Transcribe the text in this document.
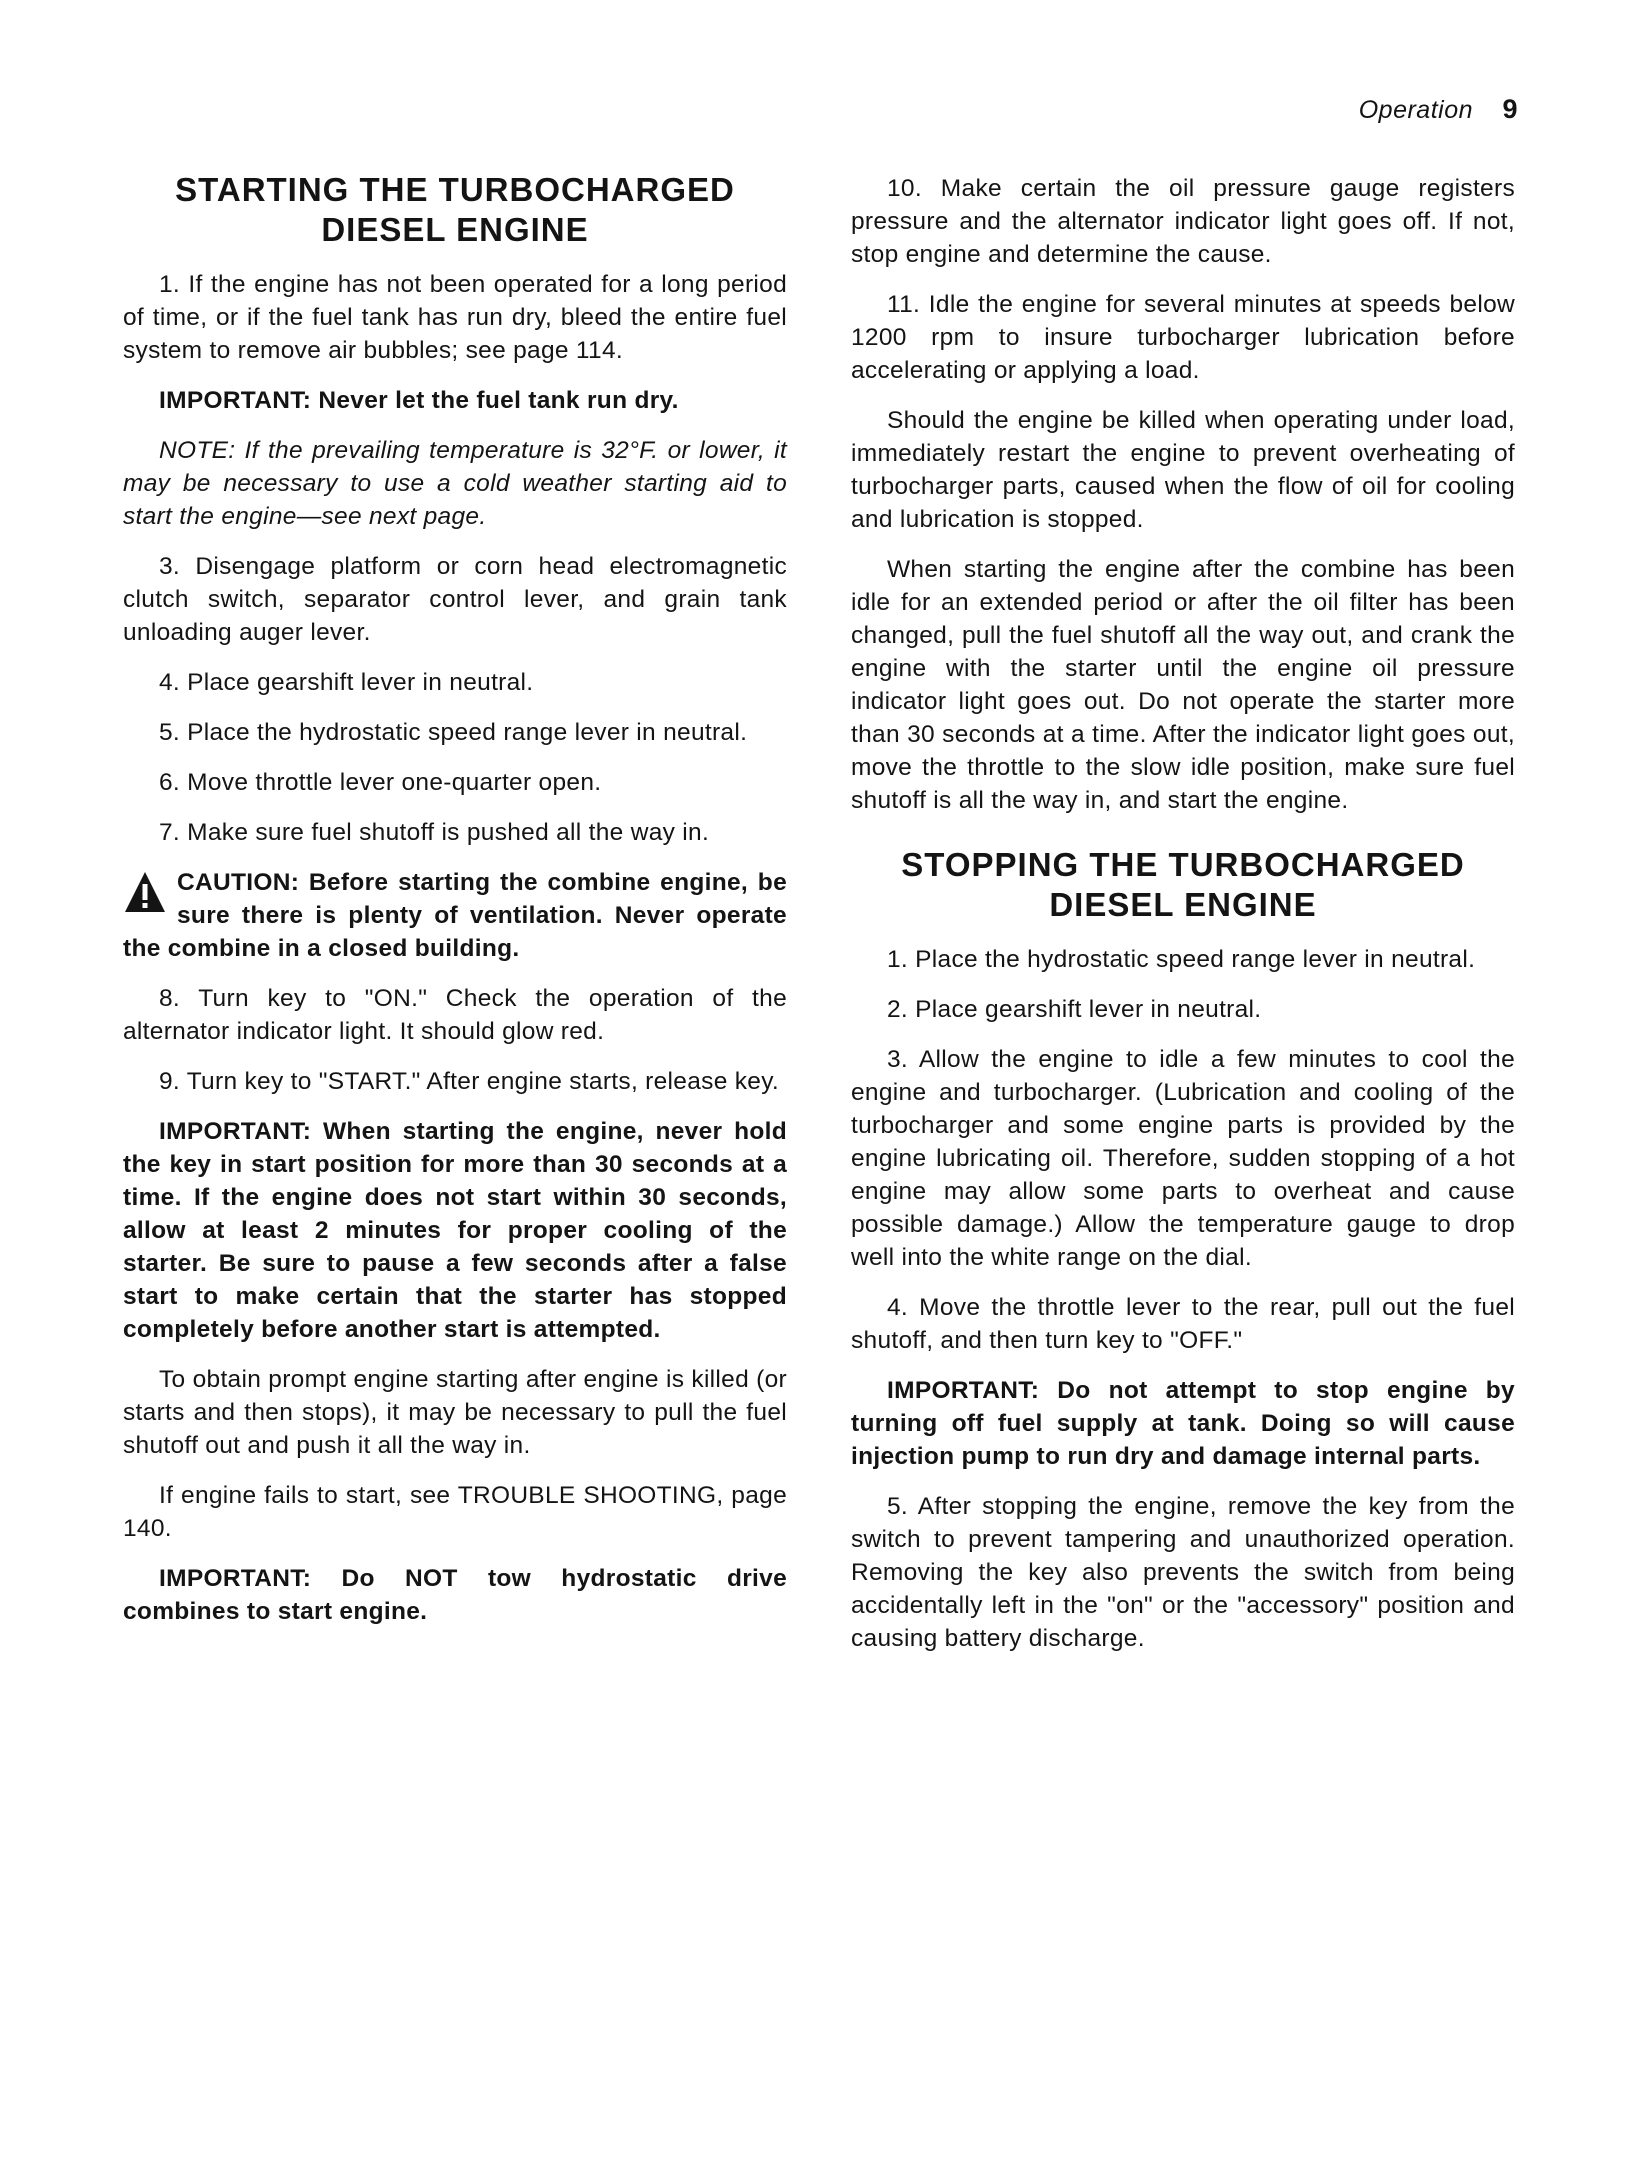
Operation 9
STARTING THE TURBOCHARGED
DIESEL ENGINE

1. If the engine has not been operated for a long period of time, or if the fuel tank has run dry, bleed the entire fuel system to remove air bubbles; see page 114.

IMPORTANT: Never let the fuel tank run dry.

NOTE: If the prevailing temperature is 32°F. or lower, it may be necessary to use a cold weather starting aid to start the engine—see next page.

3. Disengage platform or corn head electromagnetic clutch switch, separator control lever, and grain tank unloading auger lever.

4. Place gearshift lever in neutral.

5. Place the hydrostatic speed range lever in neutral.

6. Move throttle lever one-quarter open.

7. Make sure fuel shutoff is pushed all the way in.

CAUTION: Before starting the combine engine, be sure there is plenty of ventilation. Never operate the combine in a closed building.

8. Turn key to "ON." Check the operation of the alternator indicator light. It should glow red.

9. Turn key to "START." After engine starts, release key.

IMPORTANT: When starting the engine, never hold the key in start position for more than 30 seconds at a time. If the engine does not start within 30 seconds, allow at least 2 minutes for proper cooling of the starter. Be sure to pause a few seconds after a false start to make certain that the starter has stopped completely before another start is attempted.

To obtain prompt engine starting after engine is killed (or starts and then stops), it may be necessary to pull the fuel shutoff out and push it all the way in.

If engine fails to start, see TROUBLE SHOOTING, page 140.

IMPORTANT: Do NOT tow hydrostatic drive combines to start engine.

10. Make certain the oil pressure gauge registers pressure and the alternator indicator light goes off. If not, stop engine and determine the cause.

11. Idle the engine for several minutes at speeds below 1200 rpm to insure turbocharger lubrication before accelerating or applying a load.

Should the engine be killed when operating under load, immediately restart the engine to prevent overheating of turbocharger parts, caused when the flow of oil for cooling and lubrication is stopped.

When starting the engine after the combine has been idle for an extended period or after the oil filter has been changed, pull the fuel shutoff all the way out, and crank the engine with the starter until the engine oil pressure indicator light goes out. Do not operate the starter more than 30 seconds at a time. After the indicator light goes out, move the throttle to the slow idle position, make sure fuel shutoff is all the way in, and start the engine.

STOPPING THE TURBOCHARGED
DIESEL ENGINE

1. Place the hydrostatic speed range lever in neutral.

2. Place gearshift lever in neutral.

3. Allow the engine to idle a few minutes to cool the engine and turbocharger. (Lubrication and cooling of the turbocharger and some engine parts is provided by the engine lubricating oil. Therefore, sudden stopping of a hot engine may allow some parts to overheat and cause possible damage.) Allow the temperature gauge to drop well into the white range on the dial.

4. Move the throttle lever to the rear, pull out the fuel shutoff, and then turn key to "OFF."

IMPORTANT: Do not attempt to stop engine by turning off fuel supply at tank. Doing so will cause injection pump to run dry and damage internal parts.

5. After stopping the engine, remove the key from the switch to prevent tampering and unauthorized operation. Removing the key also prevents the switch from being accidentally left in the "on" or the "accessory" position and causing battery discharge.
